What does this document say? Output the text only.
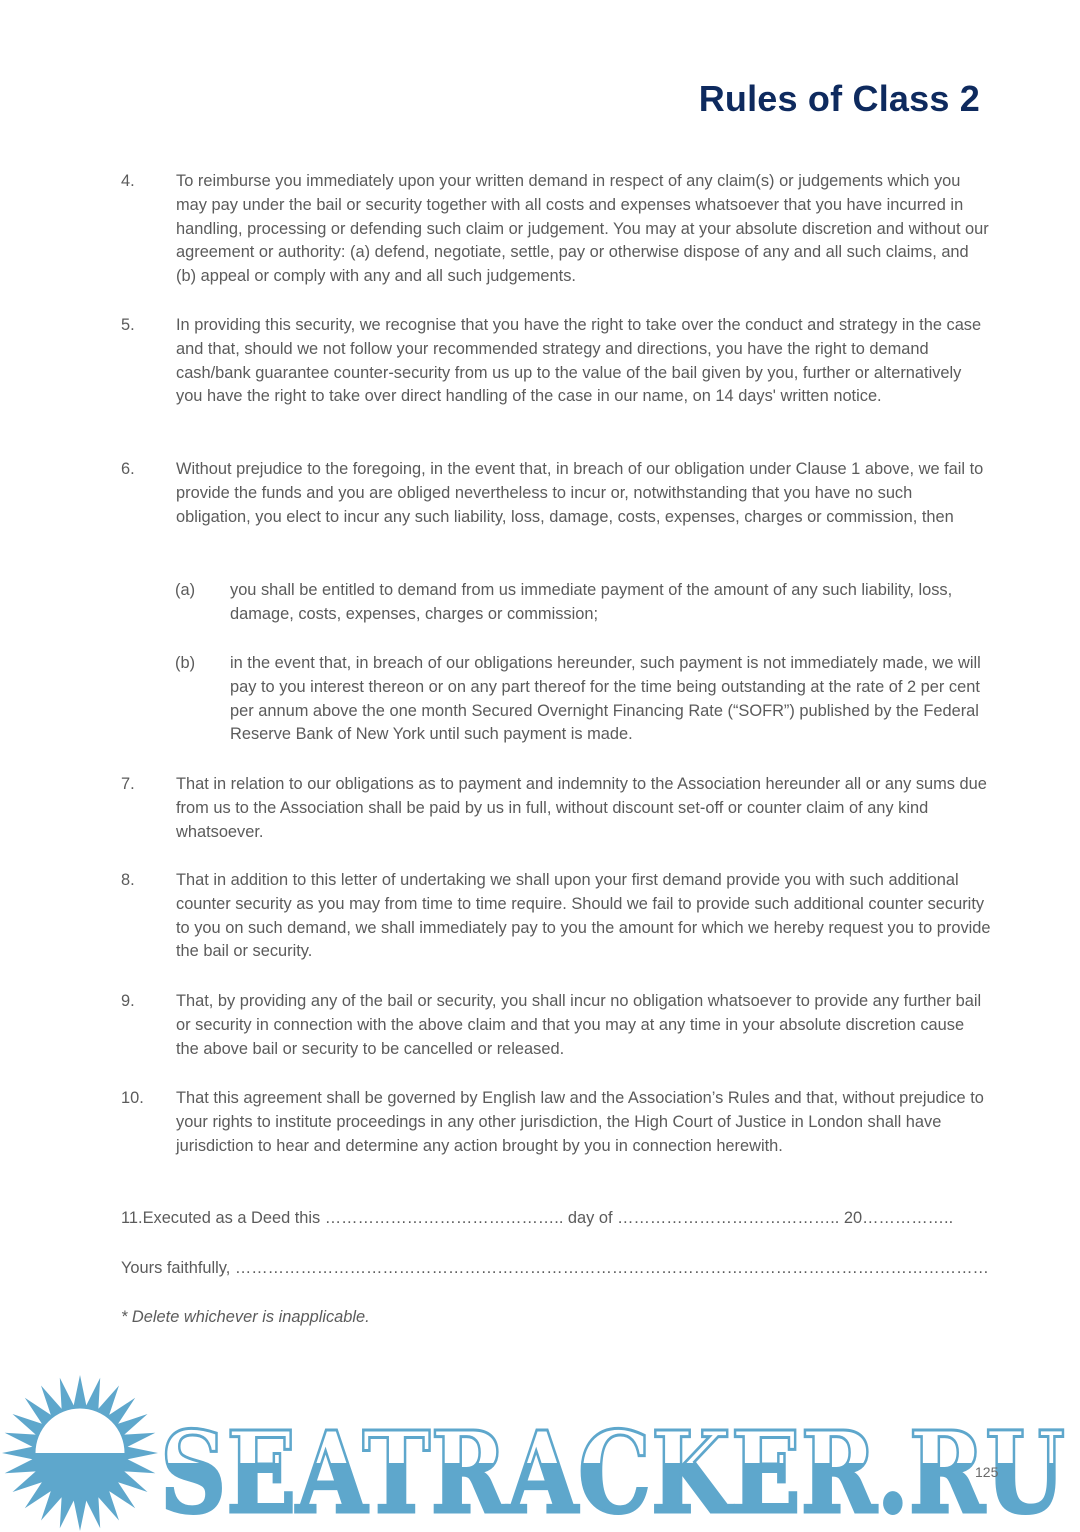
Rules of Class 2
4.	To reimburse you immediately upon your written demand in respect of any claim(s) or judgements which you may pay under the bail or security together with all costs and expenses whatsoever that you have incurred in handling, processing or defending such claim or judgement. You may at your absolute discretion and without our agreement or authority: (a) defend, negotiate, settle, pay or otherwise dispose of any and all such claims, and (b) appeal or comply with any and all such judgements.
5.	In providing this security, we recognise that you have the right to take over the conduct and strategy in the case and that, should we not follow your recommended strategy and directions, you have the right to demand cash/bank guarantee counter-security from us up to the value of the bail given by you, further or alternatively you have the right to take over direct handling of the case in our name, on 14 days' written notice.
6.	Without prejudice to the foregoing, in the event that, in breach of our obligation under Clause 1 above, we fail to provide the funds and you are obliged nevertheless to incur or, notwithstanding that you have no such obligation, you elect to incur any such liability, loss, damage, costs, expenses, charges or commission, then
(a) you shall be entitled to demand from us immediate payment of the amount of any such liability, loss, damage, costs, expenses, charges or commission;
(b) in the event that, in breach of our obligations hereunder, such payment is not immediately made, we will pay to you interest thereon or on any part thereof for the time being outstanding at the rate of 2 per cent per annum above the one month Secured Overnight Financing Rate (“SOFR”) published by the Federal Reserve Bank of New York until such payment is made.
7.	That in relation to our obligations as to payment and indemnity to the Association hereunder all or any sums due from us to the Association shall be paid by us in full, without discount set-off or counter claim of any kind whatsoever.
8.	That in addition to this letter of undertaking we shall upon your first demand provide you with such additional counter security as you may from time to time require. Should we fail to provide such additional counter security to you on such demand, we shall immediately pay to you the amount for which we hereby request you to provide the bail or security.
9.	That, by providing any of the bail or security, you shall incur no obligation whatsoever to provide any further bail or security in connection with the above claim and that you may at any time in your absolute discretion cause the above bail or security to be cancelled or released.
10. That this agreement shall be governed by English law and the Association’s Rules and that, without prejudice to your rights to institute proceedings in any other jurisdiction, the High Court of Justice in London shall have jurisdiction to hear and determine any action brought by you in connection herewith.
11.Executed as a Deed this …………………………………….. day of ………………………………….. 20……………..
Yours faithfully, …………………………………………………………………………………………………………………………
* Delete whichever is inapplicable.
SEATRACKER.RU
125
